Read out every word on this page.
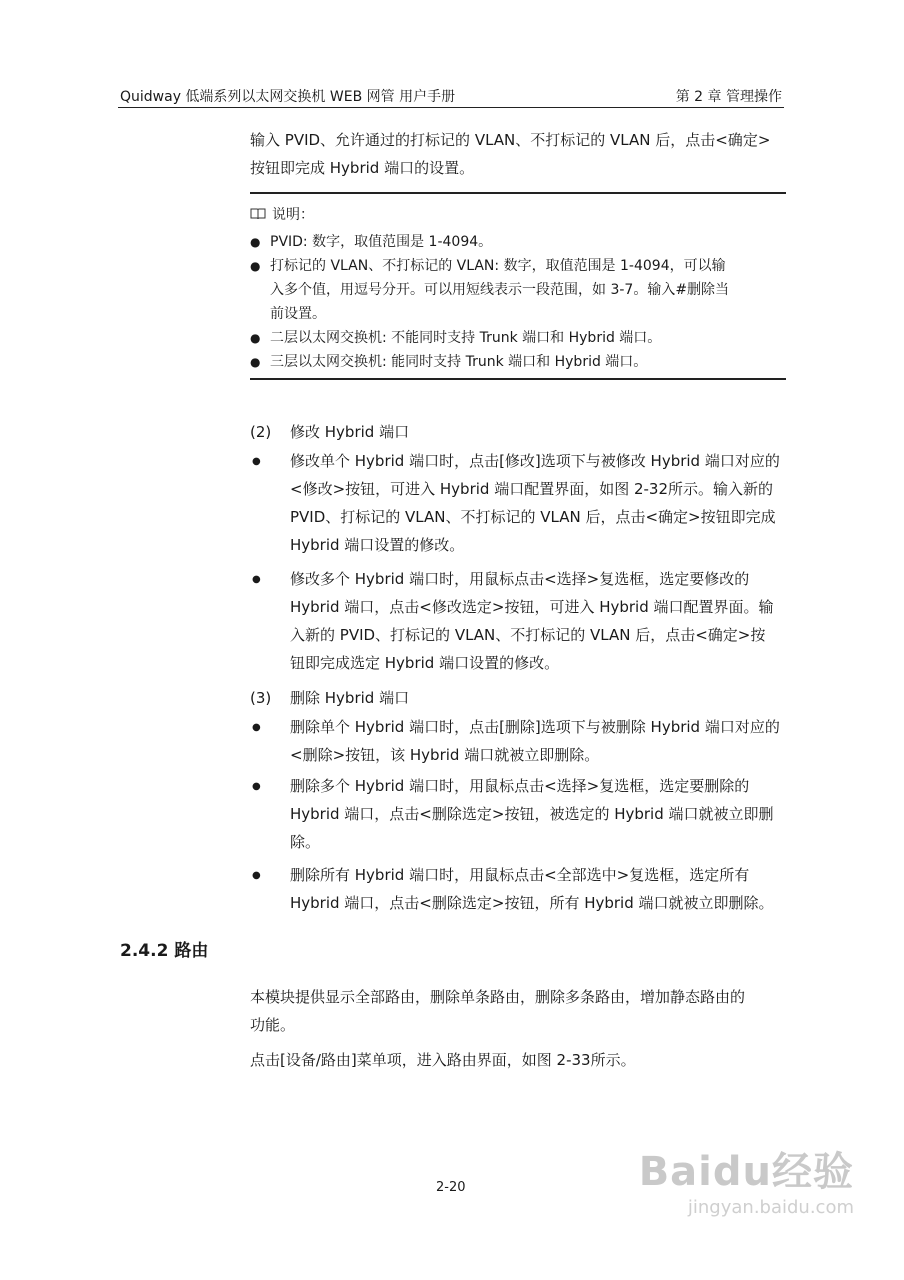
Quidway 低端系列以太网交换机 WEB 网管 用户手册	第 2 章 管理操作
输入 PVID、允许通过的打标记的 VLAN、不打标记的 VLAN 后，点击<确定>
按钮即完成 Hybrid 端口的设置。
说明：
● PVID: 数字，取值范围是 1-4094。
● 打标记的 VLAN、不打标记的 VLAN: 数字，取值范围是 1-4094，可以输
入多个值，用逗号分开。可以用短线表示一段范围，如 3-7。输入#删除当
前设置。
● 二层以太网交换机: 不能同时支持 Trunk 端口和 Hybrid 端口。
● 三层以太网交换机: 能同时支持 Trunk 端口和 Hybrid 端口。
(2) 修改 Hybrid 端口
● 修改单个 Hybrid 端口时，点击[修改]选项下与被修改 Hybrid 端口对应的
<修改>按钮，可进入 Hybrid 端口配置界面，如图 2-32所示。输入新的
PVID、打标记的 VLAN、不打标记的 VLAN 后，点击<确定>按钮即完成
Hybrid 端口设置的修改。
● 修改多个 Hybrid 端口时，用鼠标点击<选择>复选框，选定要修改的
Hybrid 端口，点击<修改选定>按钮，可进入 Hybrid 端口配置界面。输
入新的 PVID、打标记的 VLAN、不打标记的 VLAN 后，点击<确定>按
钮即完成选定 Hybrid 端口设置的修改。
(3) 删除 Hybrid 端口
● 删除单个 Hybrid 端口时，点击[删除]选项下与被删除 Hybrid 端口对应的
<删除>按钮，该 Hybrid 端口就被立即删除。
● 删除多个 Hybrid 端口时，用鼠标点击<选择>复选框，选定要删除的
Hybrid 端口，点击<删除选定>按钮，被选定的 Hybrid 端口就被立即删
除。
● 删除所有 Hybrid 端口时，用鼠标点击<全部选中>复选框，选定所有
Hybrid 端口，点击<删除选定>按钮，所有 Hybrid 端口就被立即删除。
2.4.2 路由
本模块提供显示全部路由，删除单条路由，删除多条路由，增加静态路由的
功能。
点击[设备/路由]菜单项，进入路由界面，如图 2-33所示。
2-20	Baidu经验
jingyan.baidu.com
